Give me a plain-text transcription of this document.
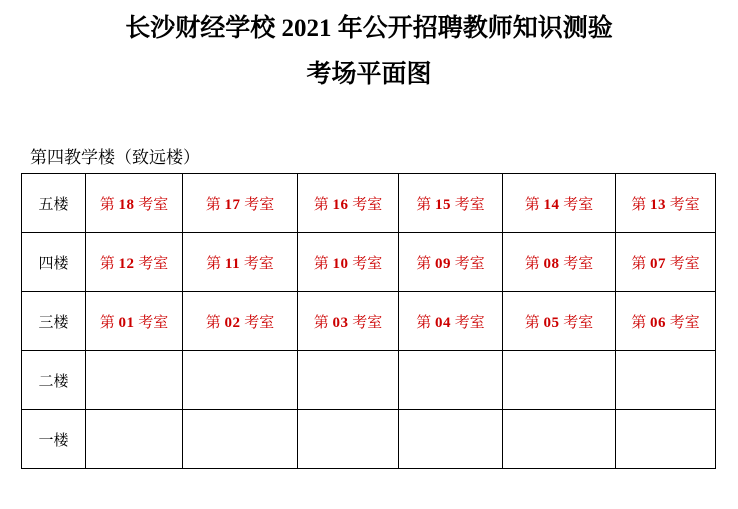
长沙财经学校 2021 年公开招聘教师知识测验
考场平面图
第四教学楼（致远楼）
五楼	第 18 考室	第 17 考室	第 16 考室	第 15 考室	第 14 考室	第 13 考室
四楼	第 12 考室	第 11 考室	第 10 考室	第 09 考室	第 08 考室	第 07 考室
三楼	第 01 考室	第 02 考室	第 03 考室	第 04 考室	第 05 考室	第 06 考室
二楼						
一楼						
